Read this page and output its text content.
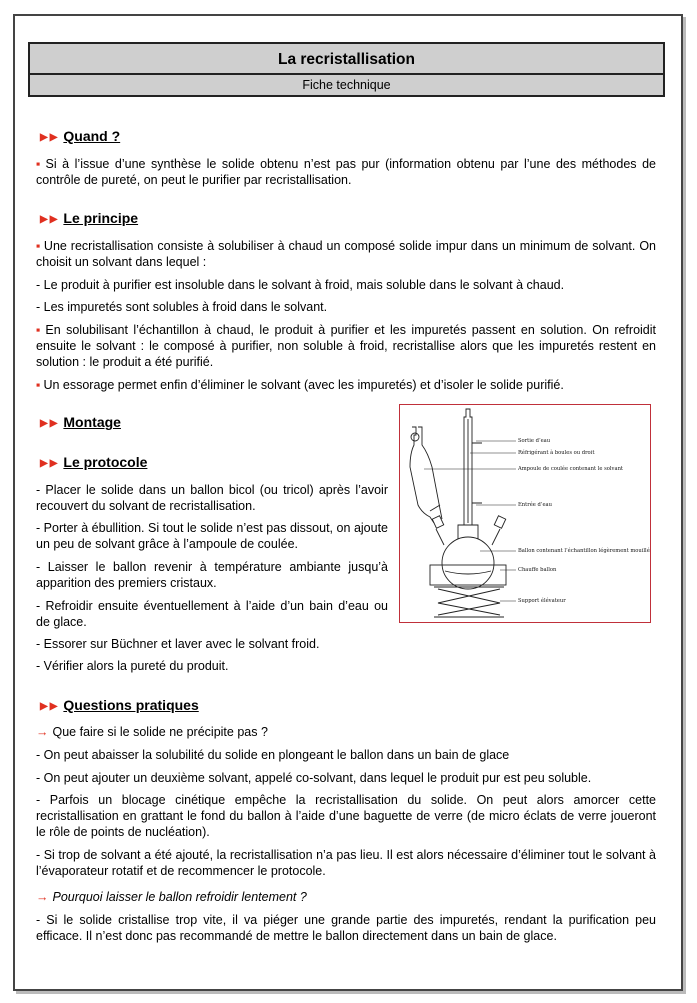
La recristallisation
Fiche technique
▶▶ Quand ?
▪ Si à l’issue d’une synthèse le solide obtenu n’est pas pur (information obtenu par l’une des méthodes de contrôle de pureté, on peut le purifier par recristallisation.
▶▶ Le principe
▪ Une recristallisation consiste à solubiliser à chaud un composé solide impur dans un minimum de solvant. On choisit un solvant dans lequel :
- Le produit à purifier est insoluble dans le solvant à froid, mais soluble dans le solvant à chaud.
- Les impuretés sont solubles à froid dans le solvant.
▪ En solubilisant l’échantillon à chaud, le produit à purifier et les impuretés passent en solution. On refroidit ensuite le solvant : le composé à purifier, non soluble à froid, recristallise alors que les impuretés restent en solution : le produit a été purifié.
▪ Un essorage permet enfin d’éliminer le solvant (avec les impuretés) et d’isoler le solide purifié.
▶▶ Montage
▶▶ Le protocole
- Placer le solide dans un ballon bicol (ou tricol) après l’avoir recouvert du solvant de recristallisation.
- Porter à ébullition. Si tout le solide n’est pas dissout, on ajoute un peu de solvant grâce à l’ampoule de coulée.
- Laisser le ballon revenir à température ambiante jusqu’à apparition des premiers cristaux.
- Refroidir ensuite éventuellement à l’aide d’un bain d’eau ou de glace.
- Essorer sur Büchner et laver avec le solvant froid.
- Vérifier alors la pureté du produit.
Sortie d’eau
Réfrigérant à boules ou droit
Ampoule de coulée contenant le solvant
Entrée d’eau
Ballon contenant l’échantillon légèrement mouillé
Chauffe ballon
Support élévateur
▶▶ Questions pratiques
→ Que faire si le solide ne précipite pas ?
- On peut abaisser la solubilité du solide en plongeant le ballon dans un bain de glace
- On peut ajouter un deuxième solvant, appelé co-solvant, dans lequel le produit pur est peu soluble.
- Parfois un blocage cinétique empêche la recristallisation du solide. On peut alors amorcer cette recristallisation en grattant le fond du ballon à l’aide d’une baguette de verre (de micro éclats de verre joueront le rôle de points de nucléation).
- Si trop de solvant a été ajouté, la recristallisation n’a pas lieu. Il est alors nécessaire d’éliminer tout le solvant à l’évaporateur rotatif et de recommencer le protocole.
→ Pourquoi laisser le ballon refroidir lentement ?
- Si le solide cristallise trop vite, il va piéger une grande partie des impuretés, rendant la purification peu efficace. Il n’est donc pas recommandé de mettre le ballon directement dans un bain de glace.
